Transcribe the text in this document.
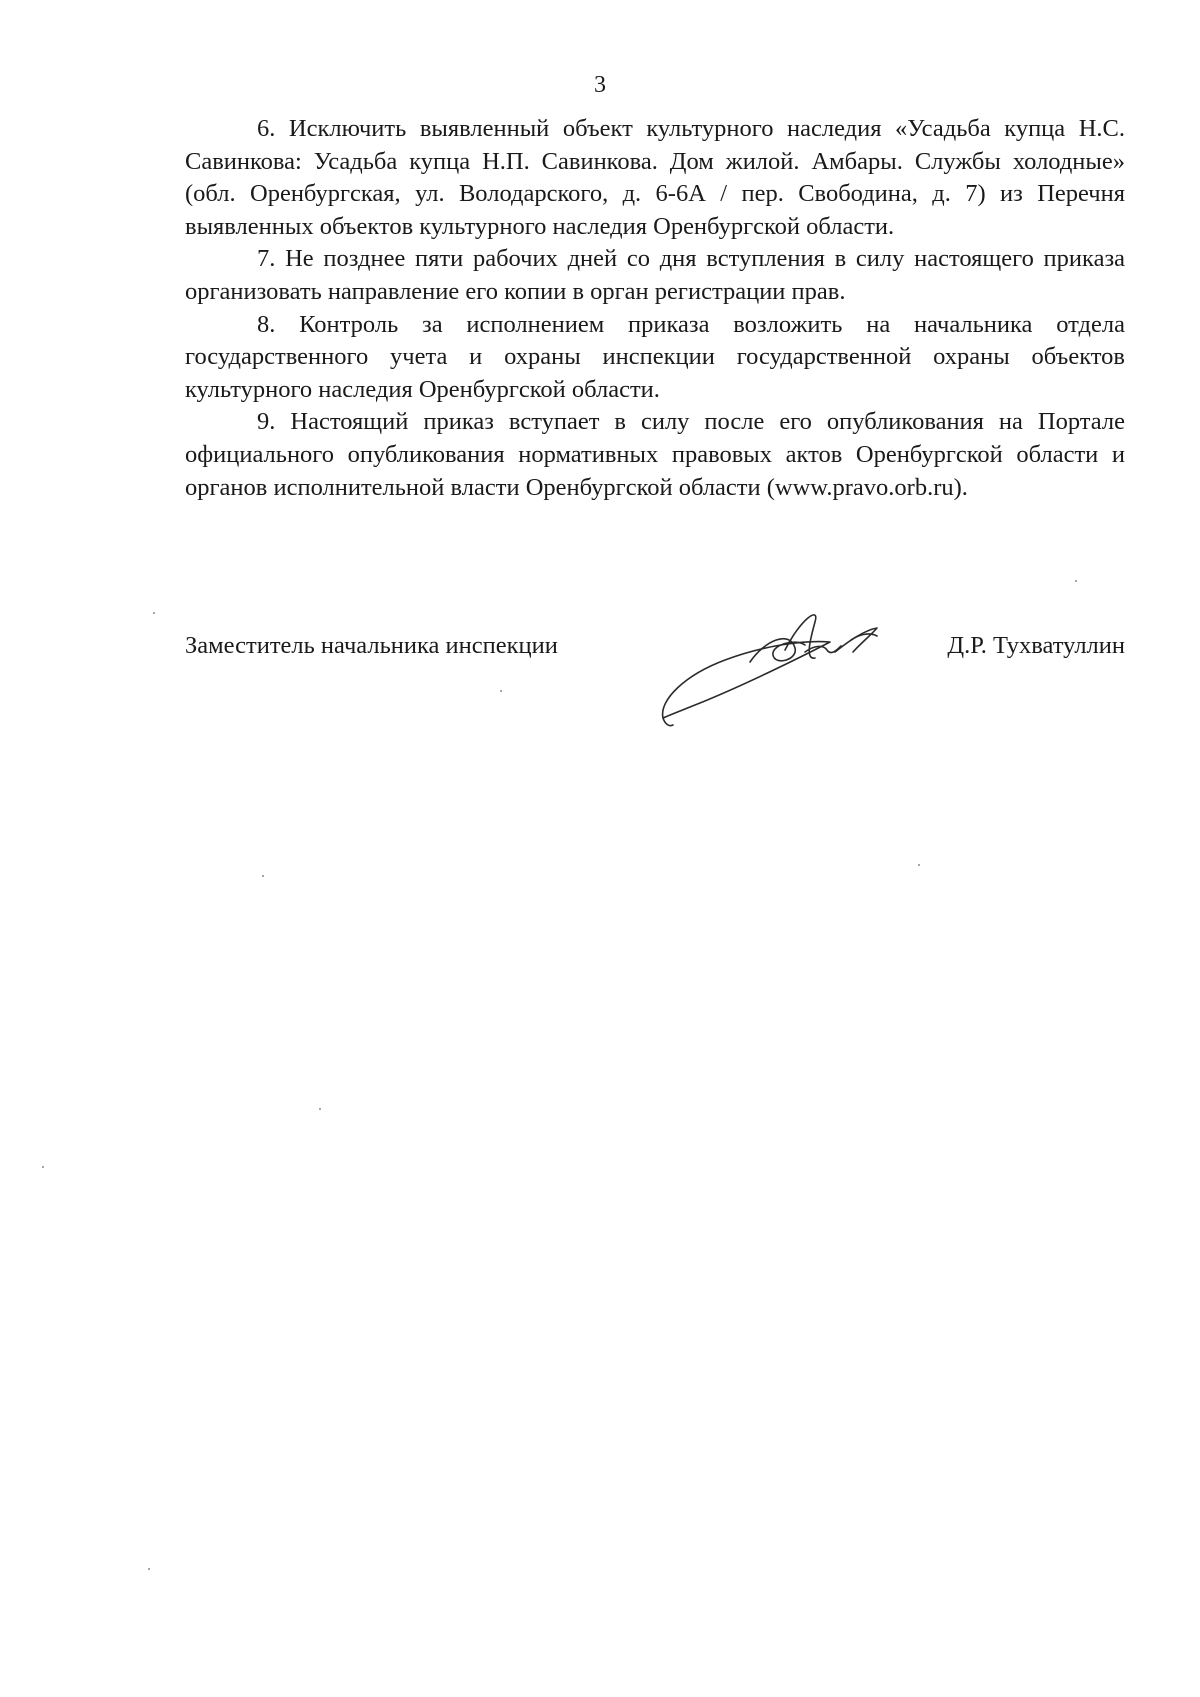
3

6. Исключить выявленный объект культурного наследия «Усадьба купца Н.С. Савинкова: Усадьба купца Н.П. Савинкова. Дом жилой. Амбары. Службы холодные» (обл. Оренбургская, ул. Володарского, д. 6-6А / пер. Свободина, д. 7) из Перечня выявленных объектов культурного наследия Оренбургской области.

7. Не позднее пяти рабочих дней со дня вступления в силу настоящего приказа организовать направление его копии в орган регистрации прав.

8. Контроль за исполнением приказа возложить на начальника отдела государственного учета и охраны инспекции государственной охраны объектов культурного наследия Оренбургской области.

9. Настоящий приказ вступает в силу после его опубликования на Портале официального опубликования нормативных правовых актов Оренбургской области и органов исполнительной власти Оренбургской области (www.pravo.orb.ru).

Заместитель начальника инспекции	Д.Р. Тухватуллин
